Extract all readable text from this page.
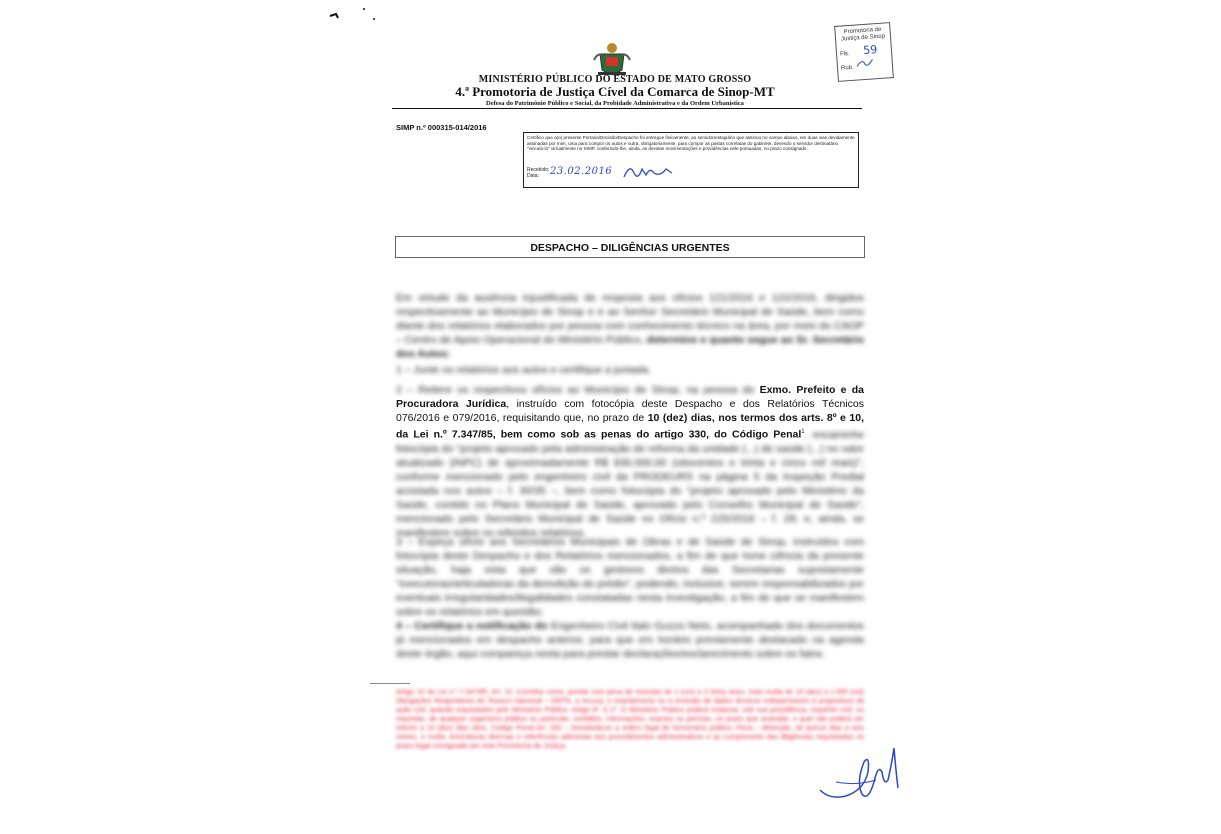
MINISTÉRIO PÚBLICO DO ESTADO DE MATO GROSSO
4.ª Promotoria de Justiça Cível da Comarca de Sinop-MT
Defesa do Patrimônio Público e Social, da Probidade Administrativa e da Ordem Urbanística
Promotoria de
Justiça de Sinop
Fls. 59
Rub.
SIMP n.º 000315-014/2016
Certifico que a(o) presente Portaria/Decisão/Despacho foi entregue fisicamente, ao servidor/estagiário que assinou no campo abaixo, em duas vias devidamente assinadas por mim, uma para compor os autos e outra, obrigatoriamente, para compor as pastas correlatas do gabinete, devendo o servidor destinatário "vinculá-lo" virtualmente no SIMP, conferindo-lhe, ainda, as devidas movimentações e providências nele pontuadas, no prazo consignado.
Recebido:
Data:	23.02.2016
DESPACHO – DILIGÊNCIAS URGENTES
Em virtude da ausência injustificada de resposta aos ofícios 121/2016 e 122/2016, dirigidos respectivamente ao Município de Sinop e e ao Senhor Secretário Municipal de Saúde, bem como diante dos relatórios elaborados por pessoa com conhecimento técnico na área, por meio do CAOP – Centro de Apoio Operacional do Ministério Público, determino e quanto segue ao Sr. Secretário dos Autos:
1 – Junte os relatórios aos autos e certifique a juntada.
2 – Reitere os respectivos ofícios ao Município de Sinop, na pessoa do Exmo. Prefeito e da Procuradora Jurídica, instruído com fotocópia deste Despacho e dos Relatórios Técnicos 076/2016 e 079/2016, requisitando que, no prazo de 10 (dez) dias, nos termos dos arts. 8º e 10, da Lei n.º 7.347/85, bem como sob as penas do artigo 330, do Código Penal$^1$, encaminhe fotocópia do "projeto aprovado pela administração de reforma da unidade (...) de saúde (...) no valor atualizado (INPC) de aproximadamente R$ 835.000,00 (oitocentos e trinta e cinco mil reais)", conforme mencionado pelo engenheiro civil da PRODEURS na página 5 da Inspeção Predial acostada nos autos – f. 30/35 –, bem como fotocópia do "projeto aprovado pelo Ministério da Saúde, contido no Plano Municipal de Saúde, aprovado pelo Conselho Municipal de Saúde", mencionado pelo Secretário Municipal de Saúde no Ofício n.º 225/2016 – f. 29; e, ainda, se manifestem sobre os referidos relatórios.
3 – Expeça ofício aos Secretários Municipais de Obras e de Saúde de Sinop, instruídos com fotocópia deste Despacho e dos Relatórios mencionados, a fim de que tome ciência da presente situação, haja vista que são os gestores diretos das Secretarias supostamente "executoras/articuladoras da demolição do prédio", podendo, inclusive, serem responsabilizados por eventuais irregularidades/ilegalidades constatadas nesta investigação, a fim de que se manifestem sobre os relatórios em questão;
4 – Certifique a notificação do Engenheiro Civil Italo Guzzo Neto, acompanhado dos documentos já mencionados em despacho anterior, para que em horário previamente destacado na agenda deste órgão, aqui compareça nesta para prestar declarações/esclarecimento sobre os fatos.
Artigo 10 da Lei n.º 7.347/85. Art. 10. Constitui crime, punido com pena de reclusão de 1 (um) a 3 (três) anos, mais multa de 10 (dez) a 1.000 (mil) Obrigações Reajustáveis do Tesouro Nacional – ORTN, a recusa, o retardamento ou a omissão de dados técnicos indispensáveis à propositura da ação civil, quando requisitados pelo Ministério Público. Artigo 8º, § 1º. O Ministério Público poderá instaurar, sob sua presidência, inquérito civil, ou requisitar, de qualquer organismo público ou particular, certidões, informações, exames ou perícias, no prazo que assinalar, o qual não poderá ser inferior a 10 (dez) dias úteis. Código Penal Art. 330 – Desobedecer a ordem legal de funcionário público: Pena – detenção, de quinze dias a seis meses, e multa. Assinaturas diversas e referências adicionais aos procedimentos administrativos e ao cumprimento das diligências requisitadas no prazo legal consignado por esta Promotoria de Justiça.
